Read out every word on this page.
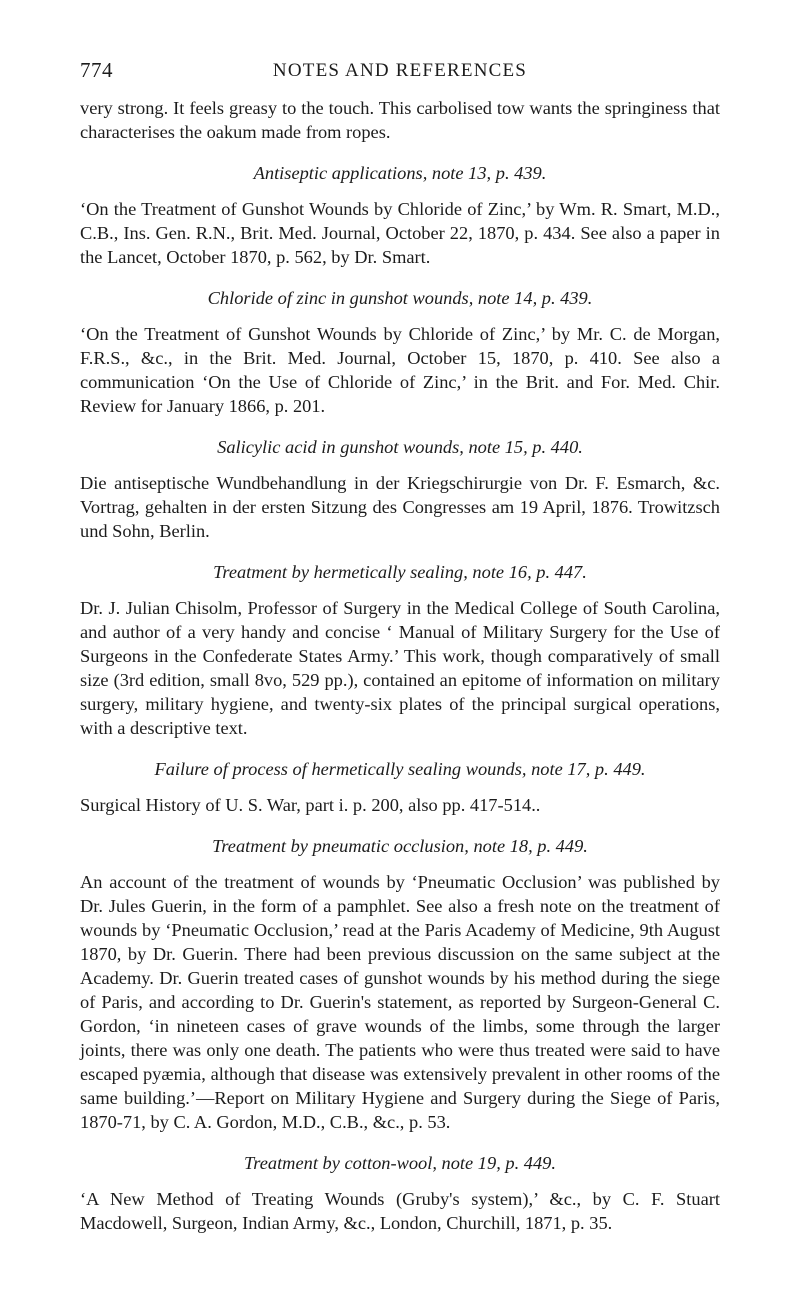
774	NOTES AND REFERENCES

very strong. It feels greasy to the touch. This carbolised tow wants the springiness that characterises the oakum made from ropes.

Antiseptic applications, note 13, p. 439.

‘On the Treatment of Gunshot Wounds by Chloride of Zinc,’ by Wm. R. Smart, M.D., C.B., Ins. Gen. R.N., Brit. Med. Journal, October 22, 1870, p. 434. See also a paper in the Lancet, October 1870, p. 562, by Dr. Smart.

Chloride of zinc in gunshot wounds, note 14, p. 439.

‘On the Treatment of Gunshot Wounds by Chloride of Zinc,’ by Mr. C. de Morgan, F.R.S., &c., in the Brit. Med. Journal, October 15, 1870, p. 410. See also a communication ‘On the Use of Chloride of Zinc,’ in the Brit. and For. Med. Chir. Review for January 1866, p. 201.

Salicylic acid in gunshot wounds, note 15, p. 440.

Die antiseptische Wundbehandlung in der Kriegschirurgie von Dr. F. Esmarch, &c. Vortrag, gehalten in der ersten Sitzung des Congresses am 19 April, 1876. Trowitzsch und Sohn, Berlin.

Treatment by hermetically sealing, note 16, p. 447.

Dr. J. Julian Chisolm, Professor of Surgery in the Medical College of South Carolina, and author of a very handy and concise ‘ Manual of Military Surgery for the Use of Surgeons in the Confederate States Army.’ This work, though comparatively of small size (3rd edition, small 8vo, 529 pp.), contained an epitome of information on military surgery, military hygiene, and twenty-six plates of the principal surgical operations, with a descriptive text.

Failure of process of hermetically sealing wounds, note 17, p. 449.

Surgical History of U. S. War, part i. p. 200, also pp. 417-514..

Treatment by pneumatic occlusion, note 18, p. 449.

An account of the treatment of wounds by ‘Pneumatic Occlusion’ was published by Dr. Jules Guerin, in the form of a pamphlet. See also a fresh note on the treatment of wounds by ‘Pneumatic Occlusion,’ read at the Paris Academy of Medicine, 9th August 1870, by Dr. Guerin. There had been previous discussion on the same subject at the Academy. Dr. Guerin treated cases of gunshot wounds by his method during the siege of Paris, and according to Dr. Guerin's statement, as reported by Surgeon-General C. Gordon, ‘in nineteen cases of grave wounds of the limbs, some through the larger joints, there was only one death. The patients who were thus treated were said to have escaped pyæmia, although that disease was extensively prevalent in other rooms of the same building.’—Report on Military Hygiene and Surgery during the Siege of Paris, 1870-71, by C. A. Gordon, M.D., C.B., &c., p. 53.

Treatment by cotton-wool, note 19, p. 449.

‘A New Method of Treating Wounds (Gruby's system),’ &c., by C. F. Stuart Macdowell, Surgeon, Indian Army, &c., London, Churchill, 1871, p. 35.
